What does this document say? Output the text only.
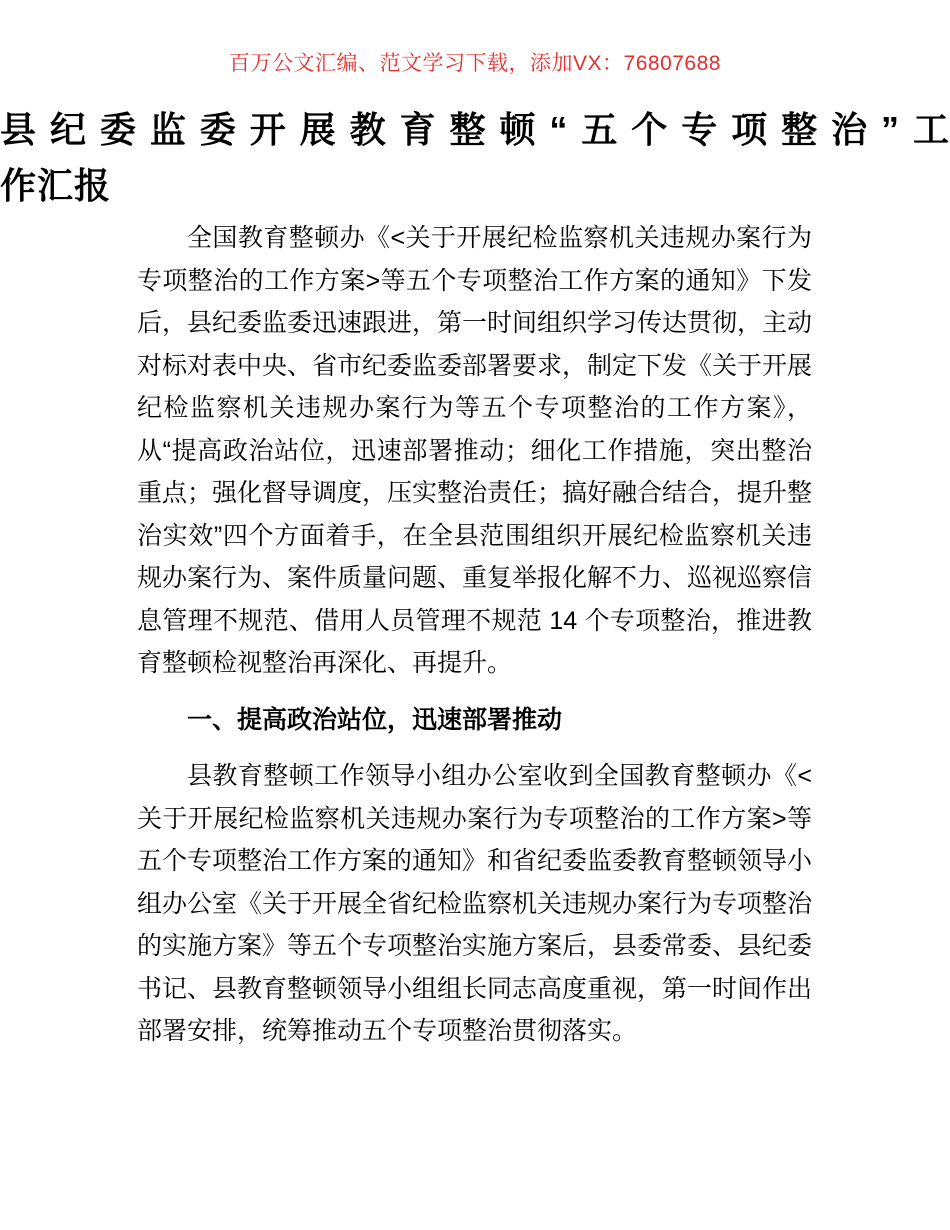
百万公文汇编、范文学习下载，添加VX：76807688
县纪委监委开展教育整顿“五个专项整治”工
作汇报

全国教育整顿办《<关于开展纪检监察机关违规办案行为
专项整治的工作方案>等五个专项整治工作方案的通知》下发
后，县纪委监委迅速跟进，第一时间组织学习传达贯彻，主动
对标对表中央、省市纪委监委部署要求，制定下发《关于开展
纪检监察机关违规办案行为等五个专项整治的工作方案》，
从“提高政治站位，迅速部署推动；细化工作措施，突出整治
重点；强化督导调度，压实整治责任；搞好融合结合，提升整
治实效”四个方面着手，在全县范围组织开展纪检监察机关违
规办案行为、案件质量问题、重复举报化解不力、巡视巡察信
息管理不规范、借用人员管理不规范 14 个专项整治，推进教
育整顿检视整治再深化、再提升。

一、提高政治站位，迅速部署推动

县教育整顿工作领导小组办公室收到全国教育整顿办《<
关于开展纪检监察机关违规办案行为专项整治的工作方案>等
五个专项整治工作方案的通知》和省纪委监委教育整顿领导小
组办公室《关于开展全省纪检监察机关违规办案行为专项整治
的实施方案》等五个专项整治实施方案后，县委常委、县纪委
书记、县教育整顿领导小组组长同志高度重视，第一时间作出
部署安排，统筹推动五个专项整治贯彻落实。
